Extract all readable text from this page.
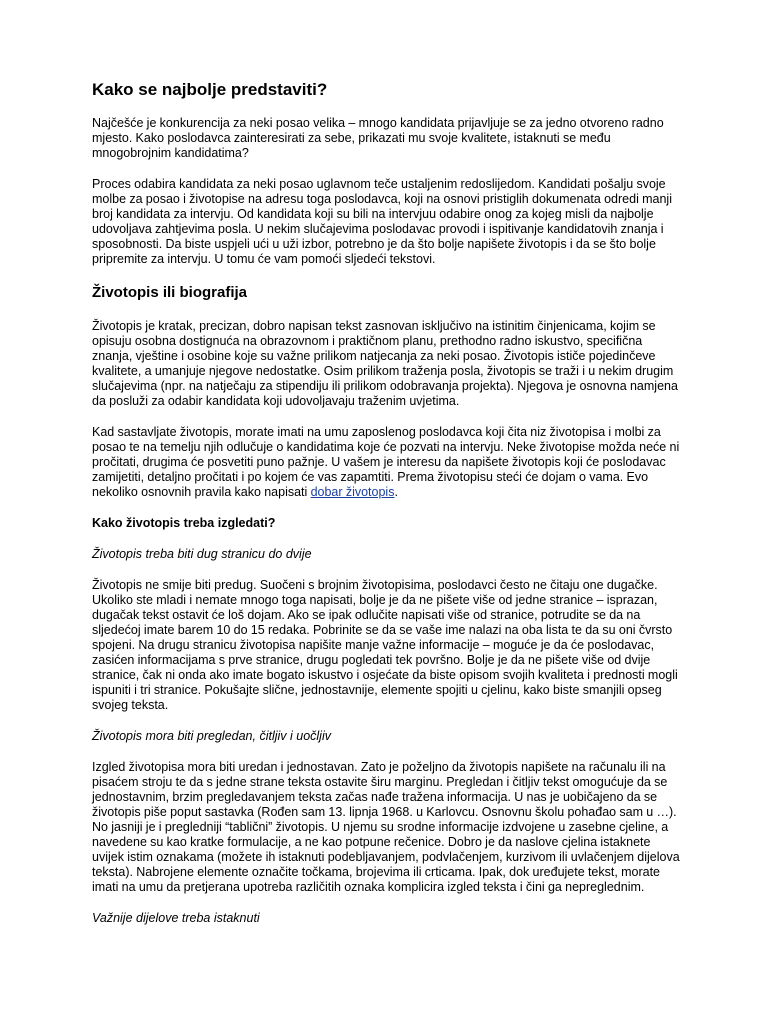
Kako se najbolje predstaviti?
Najčešće je konkurencija za neki posao velika – mnogo kandidata prijavljuje se za jedno otvoreno radno mjesto. Kako poslodavca zainteresirati za sebe, prikazati mu svoje kvalitete, istaknuti se među mnogobrojnim kandidatima?
Proces odabira kandidata za neki posao uglavnom teče ustaljenim redoslijedom. Kandidati pošalju svoje molbe za posao i životopise na adresu toga poslodavca, koji na osnovi pristiglih dokumenata odredi manji broj kandidata za intervju. Od kandidata koji su bili na intervjuu odabire onog za kojeg misli da najbolje udovoljava zahtjevima posla. U nekim slučajevima poslodavac provodi i ispitivanje kandidatovih znanja i sposobnosti. Da biste uspjeli ući u uži izbor, potrebno je da što bolje napišete životopis i da se što bolje pripremite za intervju. U tomu će vam pomoći sljedeći tekstovi.
Životopis ili biografija
Životopis je kratak, precizan, dobro napisan tekst zasnovan isključivo na istinitim činjenicama, kojim se opisuju osobna dostignuća na obrazovnom i praktičnom planu, prethodno radno iskustvo, specifična znanja, vještine i osobine koje su važne prilikom natjecanja za neki posao. Životopis ističe pojedinčeve kvalitete, a umanjuje njegove nedostatke. Osim prilikom traženja posla, životopis se traži i u nekim drugim slučajevima (npr. na natječaju za stipendiju ili prilikom odobravanja projekta). Njegova je osnovna namjena da posluži za odabir kandidata koji udovoljavaju traženim uvjetima.
Kad sastavljate životopis, morate imati na umu zaposlenog poslodavca koji čita niz životopisa i molbi za posao te na temelju njih odlučuje o kandidatima koje će pozvati na intervju. Neke životopise možda neće ni pročitati, drugima će posvetiti puno pažnje. U vašem je interesu da napišete životopis koji će poslodavac zamijetiti, detaljno pročitati i po kojem će vas zapamtiti. Prema životopisu steći će dojam o vama. Evo nekoliko osnovnih pravila kako napisati dobar životopis.
Kako životopis treba izgledati?
Životopis treba biti dug stranicu do dvije
Životopis ne smije biti predug. Suočeni s brojnim životopisima, poslodavci često ne čitaju one dugačke. Ukoliko ste mladi i nemate mnogo toga napisati, bolje je da ne pišete više od jedne stranice – isprazan, dugačak tekst ostavit će loš dojam. Ako se ipak odlučite napisati više od stranice, potrudite se da na sljedećoj imate barem 10 do 15 redaka. Pobrinite se da se vaše ime nalazi na oba lista te da su oni čvrsto spojeni. Na drugu stranicu životopisa napišite manje važne informacije – moguće je da će poslodavac, zasićen informacijama s prve stranice, drugu pogledati tek površno. Bolje je da ne pišete više od dvije stranice, čak ni onda ako imate bogato iskustvo i osjećate da biste opisom svojih kvaliteta i prednosti mogli ispuniti i tri stranice. Pokušajte slične, jednostavnije, elemente spojiti u cjelinu, kako biste smanjili opseg svojeg teksta.
Životopis mora biti pregledan, čitljiv i uočljiv
Izgled životopisa mora biti uredan i jednostavan. Zato je poželjno da životopis napišete na računalu ili na pisaćem stroju te da s jedne strane teksta ostavite širu marginu. Pregledan i čitljiv tekst omogućuje da se jednostavnim, brzim pregledavanjem teksta začas nađe tražena informacija. U nas je uobičajeno da se životopis piše poput sastavka (Rođen sam 13. lipnja 1968. u Karlovcu. Osnovnu školu pohađao sam u …). No jasniji je i pregledniji “tablični” životopis. U njemu su srodne informacije izdvojene u zasebne cjeline, a navedene su kao kratke formulacije, a ne kao potpune rečenice. Dobro je da naslove cjelina istaknete uvijek istim oznakama (možete ih istaknuti podebljavanjem, podvlačenjem, kurzivom ili uvlačenjem dijelova teksta). Nabrojene elemente označite točkama, brojevima ili crticama. Ipak, dok uređujete tekst, morate imati na umu da pretjerana upotreba različitih oznaka komplicira izgled teksta i čini ga nepreglednim.
Važnije dijelove treba istaknuti
